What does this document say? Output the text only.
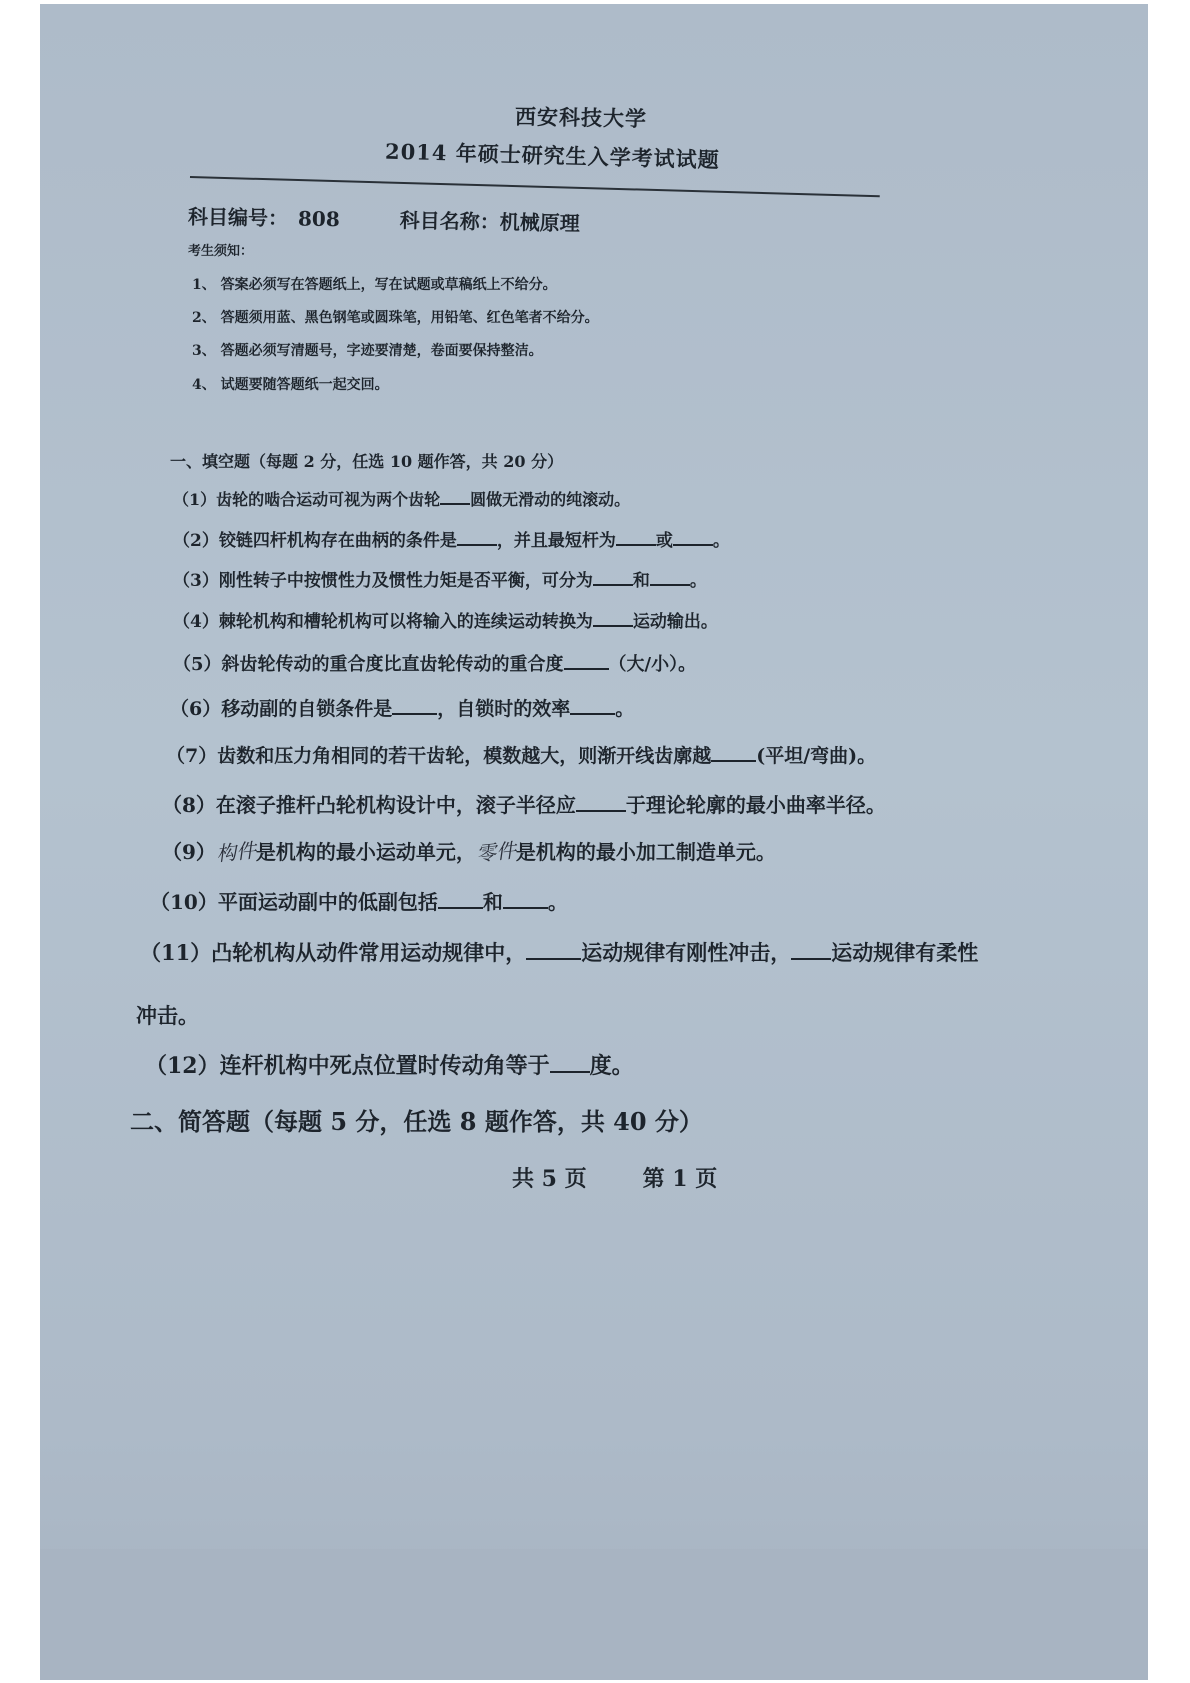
西安科技大学

2014 年硕士研究生入学考试试题

科目编号： 808	科目名称：机械原理

考生须知：

1、 答案必须写在答题纸上，写在试题或草稿纸上不给分。

2、 答题须用蓝、黑色钢笔或圆珠笔，用铅笔、红色笔者不给分。

3、 答题必须写清题号，字迹要清楚，卷面要保持整洁。

4、 试题要随答题纸一起交回。

一、填空题（每题 2 分，任选 10 题作答，共 20 分）

（1）齿轮的啮合运动可视为两个齿轮 圆做无滑动的纯滚动。

（2）铰链四杆机构存在曲柄的条件是 ，并且最短杆为 或 。

（3）刚性转子中按惯性力及惯性力矩是否平衡，可分为 和 。

（4）棘轮机构和槽轮机构可以将输入的连续运动转换为 运动输出。

（5）斜齿轮传动的重合度比直齿轮传动的重合度	（大/小）。

（6）移动副的自锁条件是 ，自锁时的效率 。

（7）齿数和压力角相同的若干齿轮，模数越大，则渐开线齿廓越 (平坦/弯曲)。

（8）在滚子推杆凸轮机构设计中，滚子半径应	于理论轮廓的最小曲率半径。

（9）构件是机构的最小运动单元，零件是机构的最小加工制造单元。

（10）平面运动副中的低副包括 和 。

（11）凸轮机构从动件常用运动规律中，	运动规律有刚性冲击， 运动规律有柔性

冲击。

（12）连杆机构中死点位置时传动角等于 度。

二、简答题（每题 5 分，任选 8 题作答，共 40 分）

共 5 页	第 1 页
